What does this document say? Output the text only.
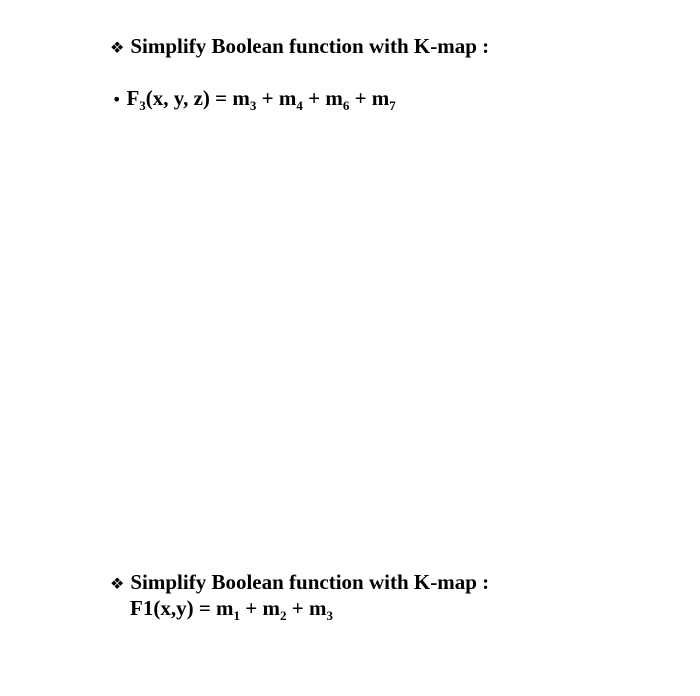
❖ Simplify Boolean function with K-map :
• $F_3(x$, y, $z) = m_3 + m_4 + m_6 + m_7$
❖ Simplify Boolean function with K-map :
$F1(x,y) = m_1 + m_2 + m_3$
